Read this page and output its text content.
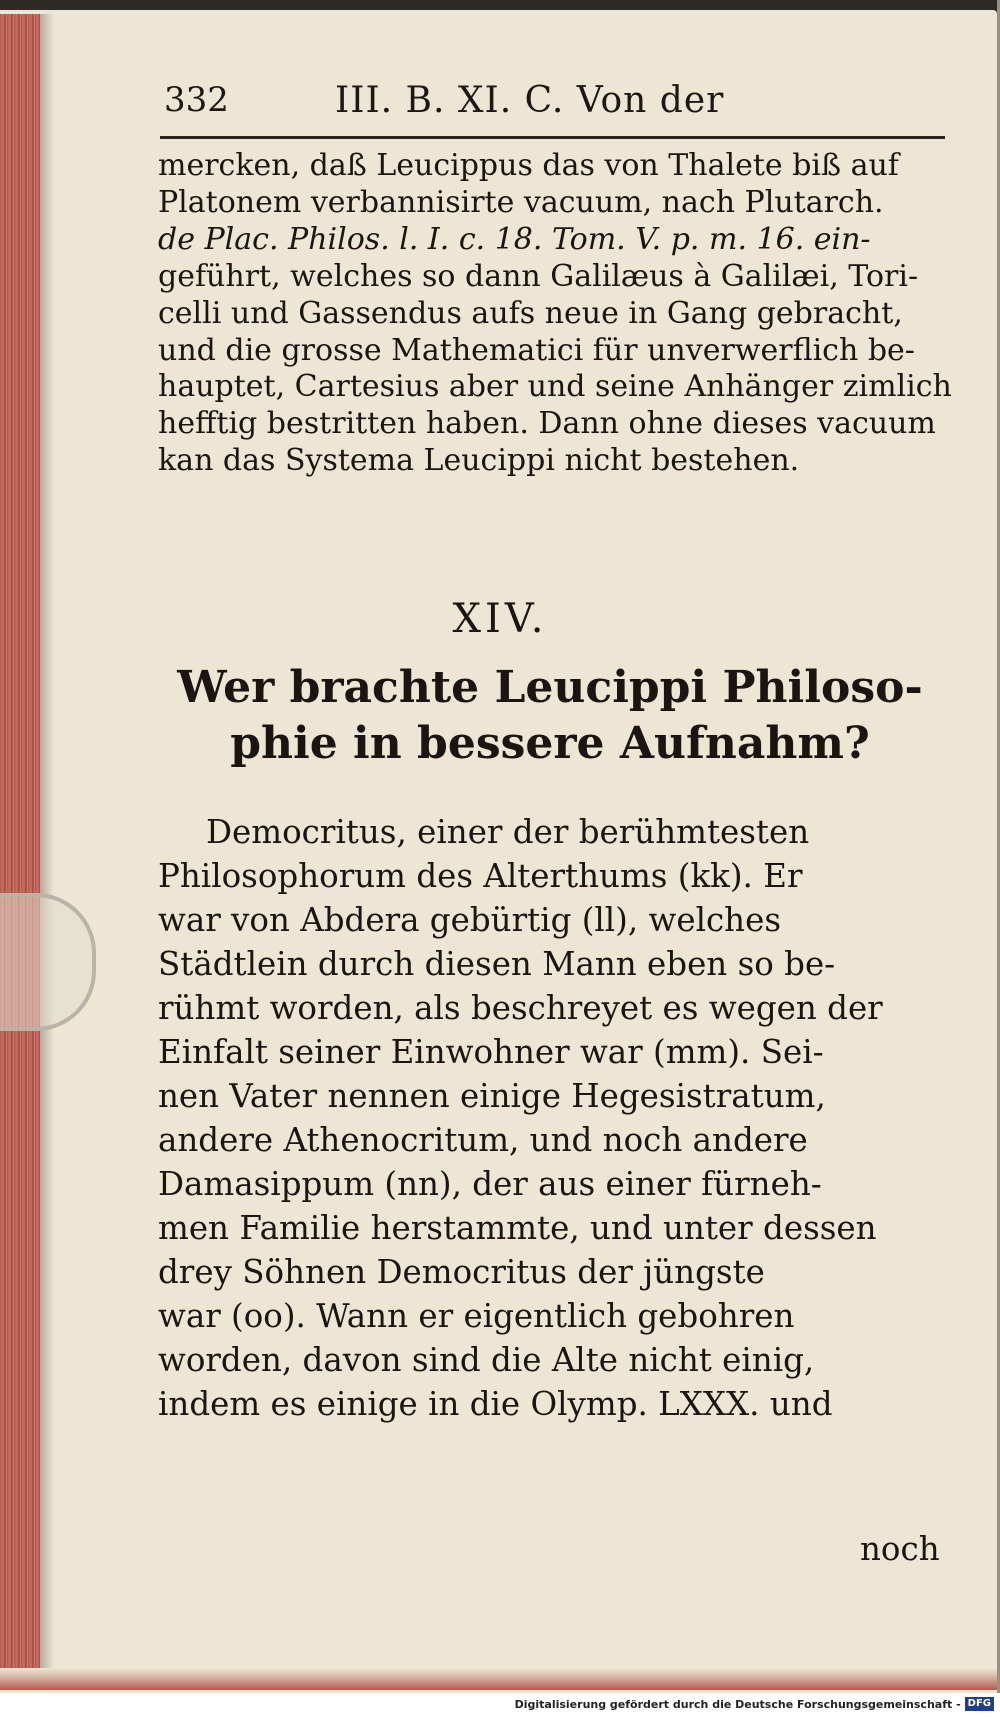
332	III. B. XI. C. Von der
mercken, daß Leucippus das von Thalete biß auf
Platonem verbannisirte vacuum, nach Plutarch.
de Plac. Philos. l. I. c. 18. Tom. V. p. m. 16. ein-
geführt, welches so dann Galilæus à Galilæi, Tori-
celli und Gassendus aufs neue in Gang gebracht,
und die grosse Mathematici für unverwerflich be-
hauptet, Cartesius aber und seine Anhänger zimlich
hefftig bestritten haben. Dann ohne dieses vacuum
kan das Systema Leucippi nicht bestehen.

XIV.

Wer brachte Leucippi Philoso-
phie in bessere Aufnahm?
Democritus, einer der berühmtesten
Philosophorum des Alterthums (kk). Er
war von Abdera gebürtig (ll), welches
Städtlein durch diesen Mann eben so be-
rühmt worden, als beschreyet es wegen der
Einfalt seiner Einwohner war (mm). Sei-
nen Vater nennen einige Hegesistratum,
andere Athenocritum, und noch andere
Damasippum (nn), der aus einer fürneh-
men Familie herstammte, und unter dessen
drey Söhnen Democritus der jüngste
war (oo). Wann er eigentlich gebohren
worden, davon sind die Alte nicht einig,
indem es einige in die Olymp. LXXX. und
noch
Digitalisierung gefördert durch die Deutsche Forschungsgemeinschaft - DFG
